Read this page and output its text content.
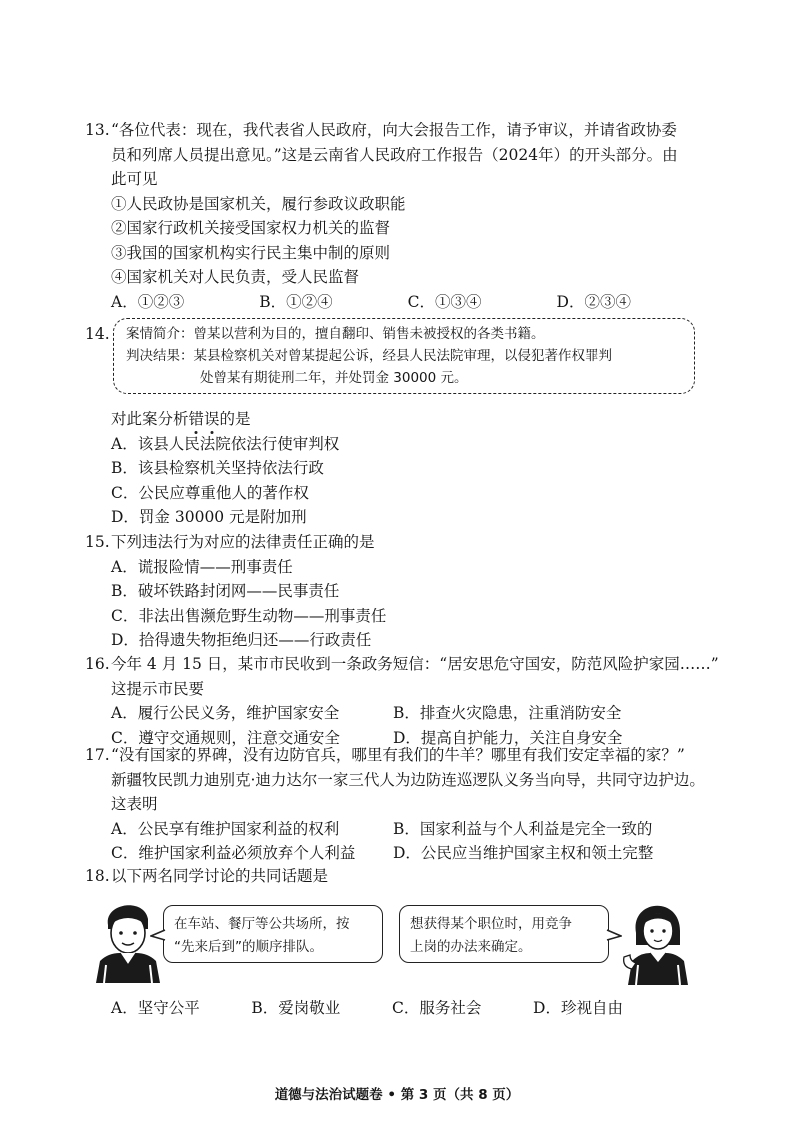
13. “各位代表：现在，我代表省人民政府，向大会报告工作，请予审议，并请省政协委
员和列席人员提出意见。”这是云南省人民政府工作报告（2024年）的开头部分。由
此可见
①人民政协是国家机关，履行参政议政职能
②国家行政机关接受国家权力机关的监督
③我国的国家机构实行民主集中制的原则
④国家机关对人民负责，受人民监督
A．①②③	B．①②④	C．①③④	D．②③④
14. 案情简介：曾某以营利为目的，擅自翻印、销售未被授权的各类书籍。
判决结果：某县检察机关对曾某提起公诉，经县人民法院审理，以侵犯著作权罪判
处曾某有期徒刑二年，并处罚金 30000 元。
对此案分析错误的是
A．该县人民法院依法行使审判权
B．该县检察机关坚持依法行政
C．公民应尊重他人的著作权
D．罚金 30000 元是附加刑
15. 下列违法行为对应的法律责任正确的是
A．谎报险情——刑事责任
B．破坏铁路封闭网——民事责任
C．非法出售濒危野生动物——刑事责任
D．拾得遗失物拒绝归还——行政责任
16. 今年 4 月 15 日，某市市民收到一条政务短信：“居安思危守国安，防范风险护家园……”
这提示市民要
A．履行公民义务，维护国家安全	B．排查火灾隐患，注重消防安全
C．遵守交通规则，注意交通安全	D．提高自护能力，关注自身安全
17. “没有国家的界碑，没有边防官兵，哪里有我们的牛羊？哪里有我们安定幸福的家？”
新疆牧民凯力迪别克·迪力达尔一家三代人为边防连巡逻队义务当向导，共同守边护边。
这表明
A．公民享有维护国家利益的权利	B．国家利益与个人利益是完全一致的
C．维护国家利益必须放弃个人利益	D．公民应当维护国家主权和领土完整
18. 以下两名同学讨论的共同话题是
在车站、餐厅等公共场所，按
“先来后到”的顺序排队。
想获得某个职位时，用竞争
上岗的办法来确定。
A．坚守公平	B．爱岗敬业	C．服务社会	D．珍视自由
道德与法治试题卷 • 第 3 页（共 8 页）
